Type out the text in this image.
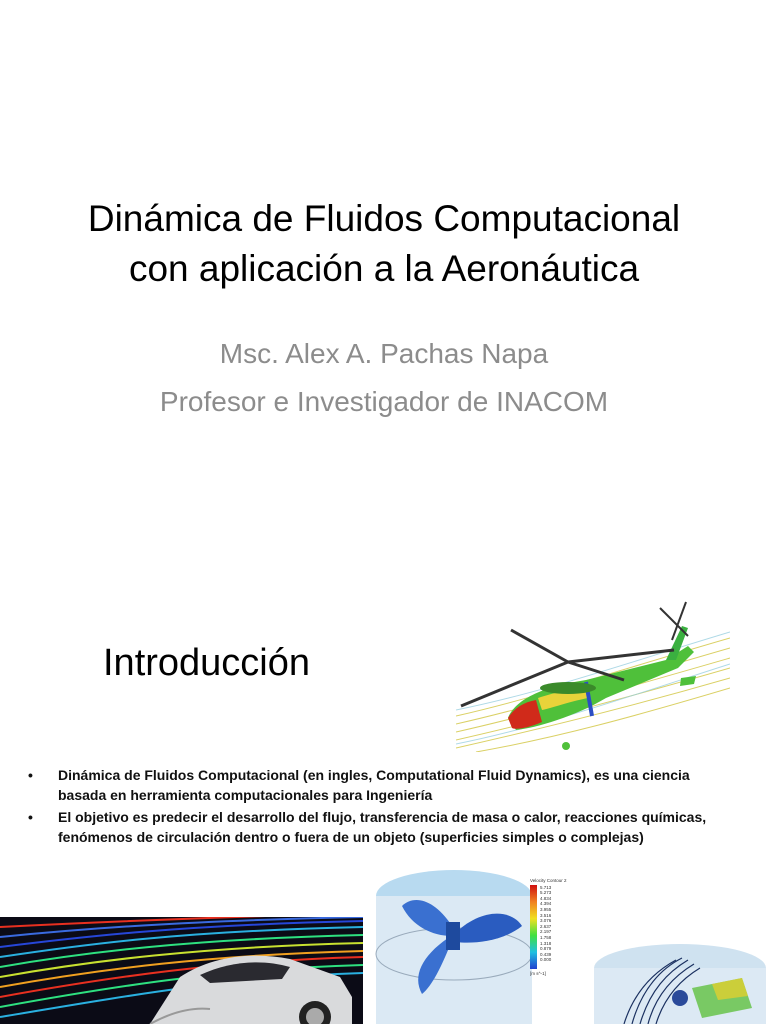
Dinámica de Fluidos Computacional
con aplicación a la Aeronáutica
Msc. Alex A. Pachas Napa
Profesor e Investigador de INACOM
Introducción
• Dinámica de Fluidos Computacional (en ingles, Computational Fluid Dynamics), es una ciencia basada en herramienta computacionales para Ingeniería
• El objetivo es predecir el desarrollo del flujo, transferencia de masa o calor, reacciones químicas, fenómenos de circulación dentro o fuera de un objeto (superficies simples o complejas)
Velocity Contour 2
5.713
5.273
4.834
4.394
3.955
3.516
3.076
2.637
2.197
1.758
1.318
0.879
0.439
0.000
[m s^-1]
